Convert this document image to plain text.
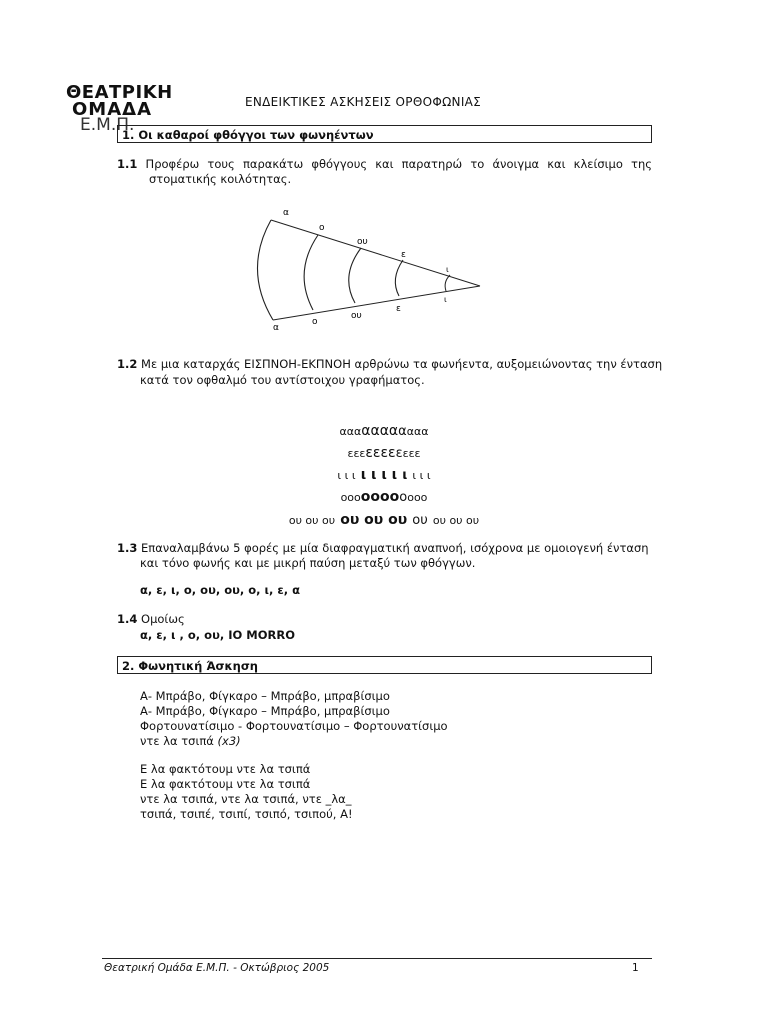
ΘΕΑΤΡΙΚΗ
ΟΜΑΔΑ
Ε.Μ.Π.
ΕΝΔΕΙΚΤΙΚΕΣ ΑΣΚΗΣΕΙΣ ΟΡΘΟΦΩΝΙΑΣ
1. Οι καθαροί φθόγγοι των φωνηέντων
1.1 Προφέρω τους παρακάτω φθόγγους και παρατηρώ το άνοιγμα και κλείσιμο της
στοματικής κοιλότητας.
α
ο
ου
ε
ι
α
ο
ου
ε
ι
1.2 Με μια καταρχάς ΕΙΣΠΝΟΗ-ΕΚΠΝΟΗ αρθρώνω τα φωνήεντα, αυξομειώνοντας την ένταση
κατά τον οφθαλμό του αντίστοιχου γραφήματος.
ααααααααααα
εεεεεεεεεεε
ι ι ι ι ι ι ι ι ι ι ι
οοοοοοοοοοο
ου ου ου ου ου ου ου ου ου ου
1.3 Επαναλαμβάνω 5 φορές με μία διαφραγματική αναπνοή, ισόχρονα με ομοιογενή ένταση
και τόνο φωνής και με μικρή παύση μεταξύ των φθόγγων.
α, ε, ι, ο, ου, ου, ο, ι, ε, α
1.4 Ομοίως
α, ε, ι , ο, ου, ΙΟ MORRO
2. Φωνητική Άσκηση
Α- Μπράβο, Φίγκαρο – Μπράβο, μπραβίσιμο
Α- Μπράβο, Φίγκαρο – Μπράβο, μπραβίσιμο
Φορτουνατίσιμο - Φορτουνατίσιμο – Φορτουνατίσιμο
ντε λα τσιπά (x3)
Ε λα φακτότουμ ντε λα τσιπά
Ε λα φακτότουμ ντε λα τσιπά
ντε λα τσιπά, ντε λα τσιπά, ντε _λα_
τσιπά, τσιπέ, τσιπί, τσιπό, τσιπού, Α!
Θεατρική Ομάδα Ε.Μ.Π. - Οκτώβριος 2005	1
